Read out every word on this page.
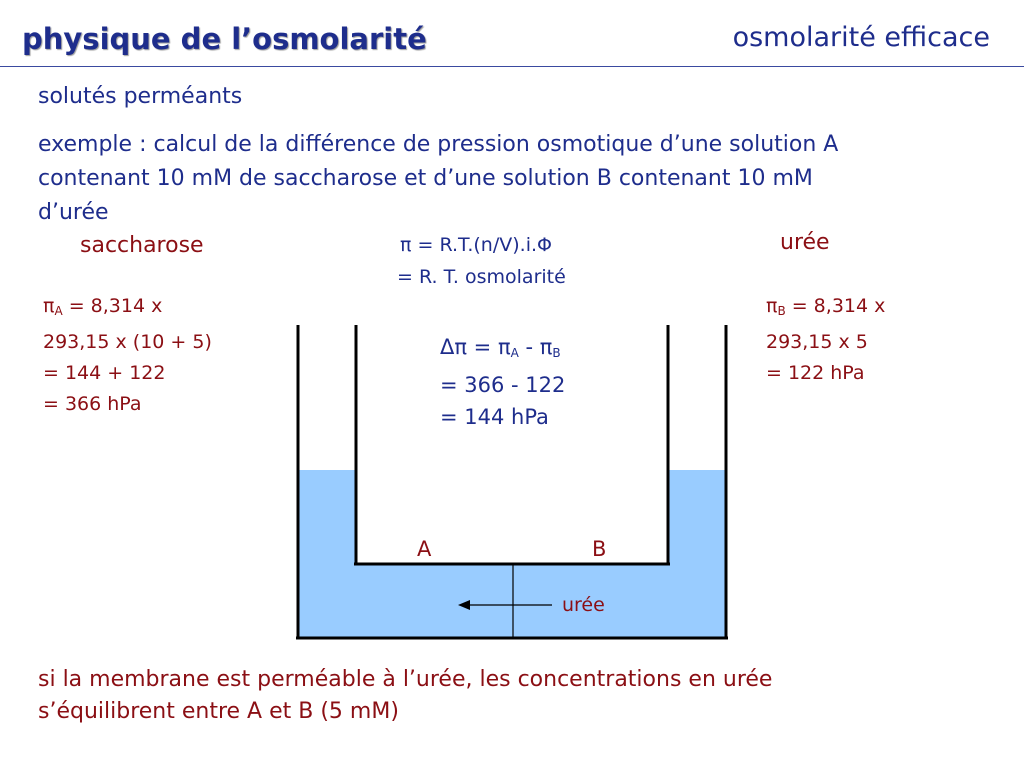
physique de l’osmolarité	osmolarité efficace
solutés perméants
exemple : calcul de la différence de pression osmotique d’une solution A
contenant 10 mM de saccharose et d’une solution B contenant 10 mM
d’urée
saccharose	urée
π = R.T.(n/V).i.Φ
= R. T. osmolarité
$\pi_A = 8,314$ x
293,15 x (10 + 5)
= 144 + 122
= 366 hPa
$\pi_B = 8,314$ x
293,15 x 5
= 122 hPa
$\Delta\pi = \pi_A - \pi_B$
= 366 - 122
= 144 hPa
A	B
urée
si la membrane est perméable à l’urée, les concentrations en urée
s’équilibrent entre A et B (5 mM)
